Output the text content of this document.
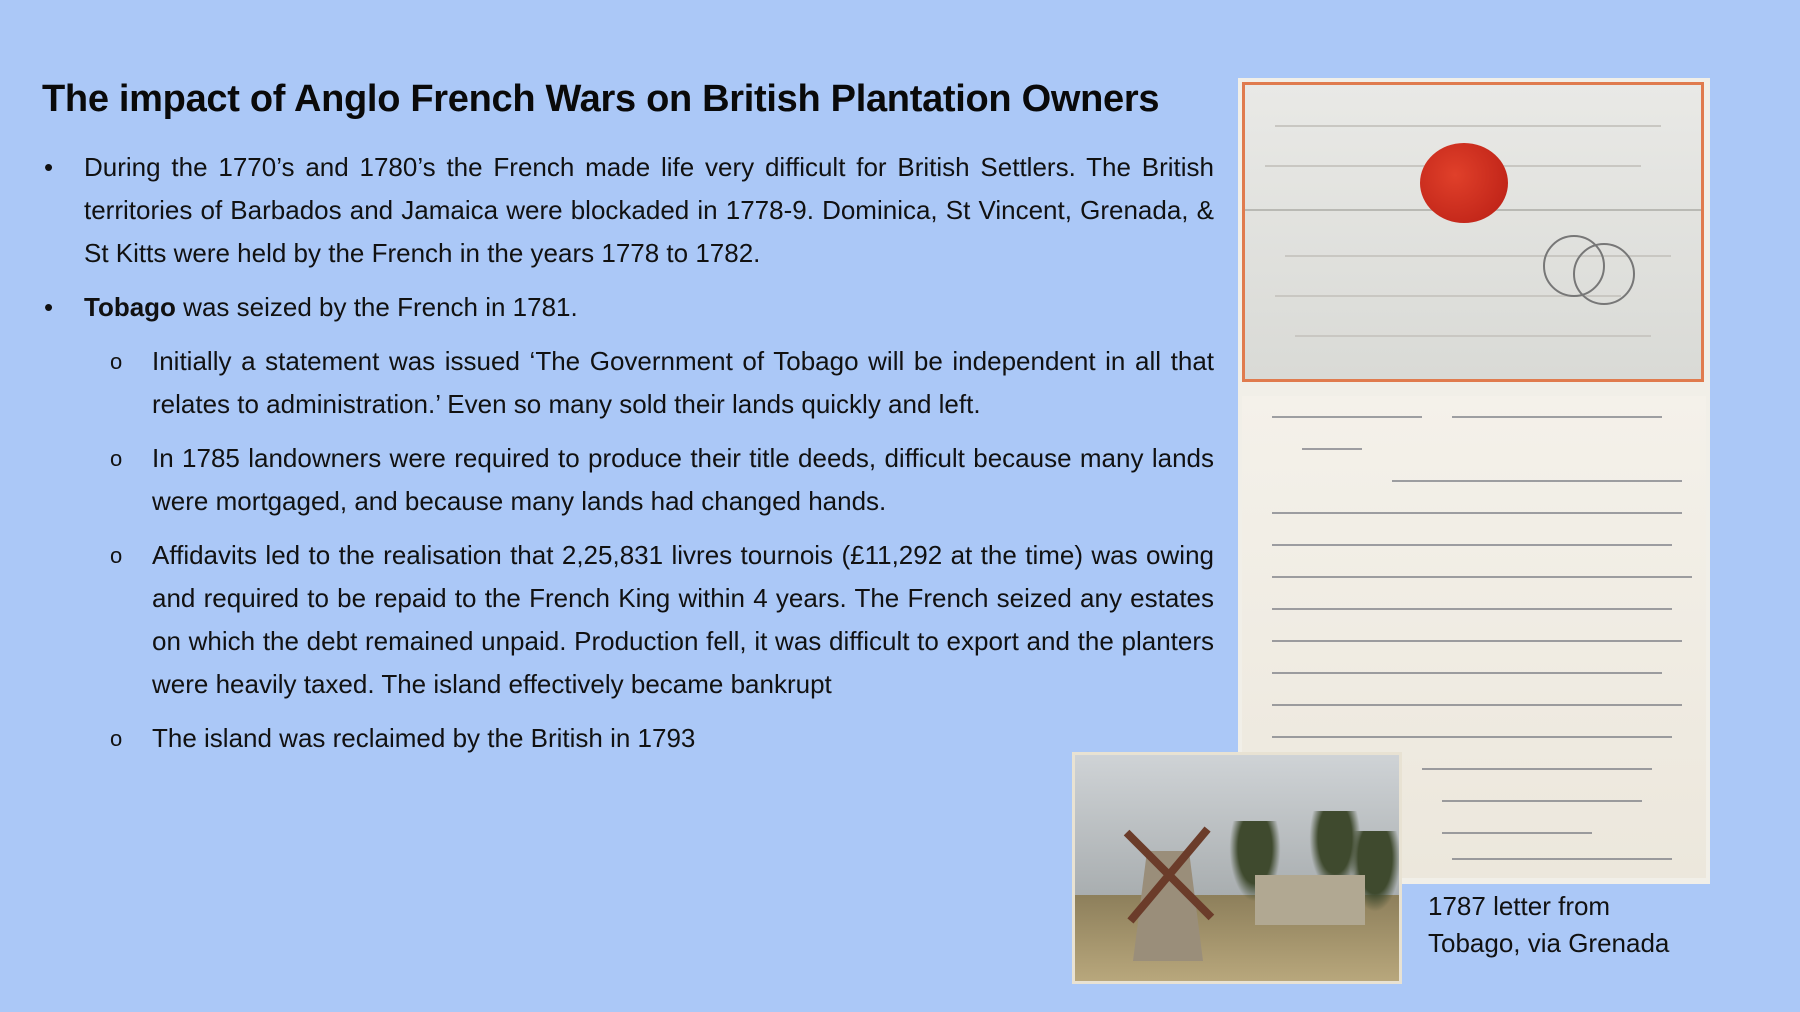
The impact of Anglo French Wars on British Plantation Owners
• During the 1770’s and 1780’s the French made life very difficult for British Settlers. The British territories of Barbados and Jamaica were blockaded in 1778-9. Dominica, St Vincent, Grenada, & St Kitts were held by the French in the years 1778 to 1782.
• Tobago was seized by the French in 1781.
o Initially a statement was issued ‘The Government of Tobago will be independent in all that relates to administration.’ Even so many sold their lands quickly and left.
o In 1785 landowners were required to produce their title deeds, difficult because many lands were mortgaged, and because many lands had changed hands.
o Affidavits led to the realisation that 2,25,831 livres tournois (£11,292 at the time) was owing and required to be repaid to the French King within 4 years. The French seized any estates on which the debt remained unpaid. Production fell, it was difficult to export and the planters were heavily taxed. The island effectively became bankrupt
o The island was reclaimed by the British in 1793
1787 letter from
Tobago, via Grenada
